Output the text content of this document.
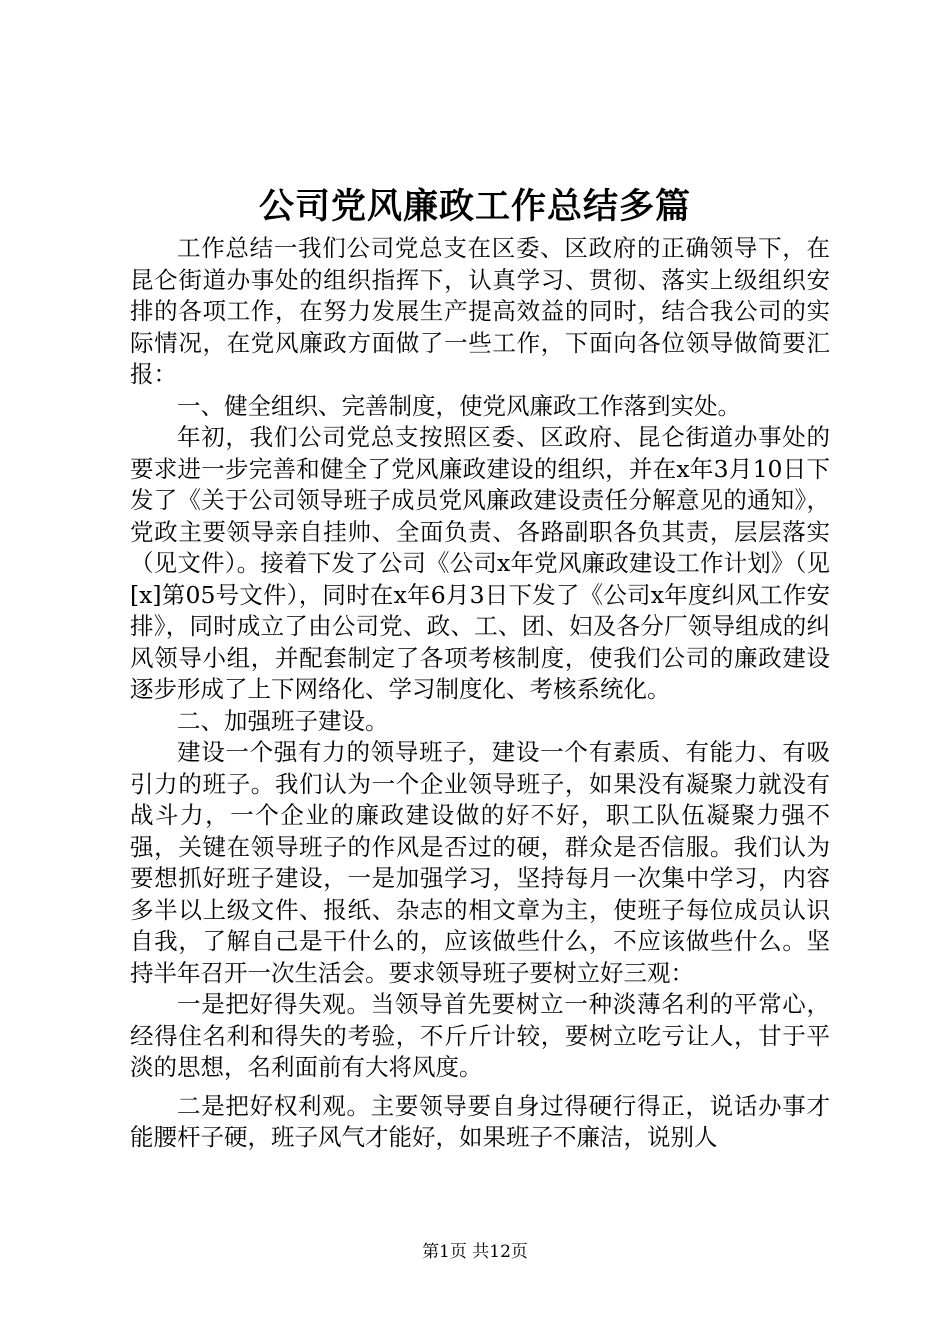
公司党风廉政工作总结多篇

工作总结一我们公司党总支在区委、区政府的正确领导下，在昆仑街道办事处的组织指挥下，认真学习、贯彻、落实上级组织安排的各项工作，在努力发展生产提高效益的同时，结合我公司的实际情况，在党风廉政方面做了一些工作，下面向各位领导做简要汇报：

一、健全组织、完善制度，使党风廉政工作落到实处。

年初，我们公司党总支按照区委、区政府、昆仑街道办事处的要求进一步完善和健全了党风廉政建设的组织，并在x年3月10日下发了《关于公司领导班子成员党风廉政建设责任分解意见的通知》，党政主要领导亲自挂帅、全面负责、各路副职各负其责，层层落实（见文件）。接着下发了公司《公司x年党风廉政建设工作计划》（见[x]第05号文件），同时在x年6月3日下发了《公司x年度纠风工作安排》，同时成立了由公司党、政、工、团、妇及各分厂领导组成的纠风领导小组，并配套制定了各项考核制度，使我们公司的廉政建设逐步形成了上下网络化、学习制度化、考核系统化。

二、加强班子建设。

建设一个强有力的领导班子，建设一个有素质、有能力、有吸引力的班子。我们认为一个企业领导班子，如果没有凝聚力就没有战斗力，一个企业的廉政建设做的好不好，职工队伍凝聚力强不强，关键在领导班子的作风是否过的硬，群众是否信服。我们认为要想抓好班子建设，一是加强学习，坚持每月一次集中学习，内容多半以上级文件、报纸、杂志的相文章为主，使班子每位成员认识自我，了解自己是干什么的，应该做些什么，不应该做些什么。坚持半年召开一次生活会。要求领导班子要树立好三观：

一是把好得失观。当领导首先要树立一种淡薄名利的平常心，经得住名利和得失的考验，不斤斤计较，要树立吃亏让人，甘于平淡的思想，名利面前有大将风度。

二是把好权利观。主要领导要自身过得硬行得正，说话办事才能腰杆子硬，班子风气才能好，如果班子不廉洁，说别人

第1页 共12页
